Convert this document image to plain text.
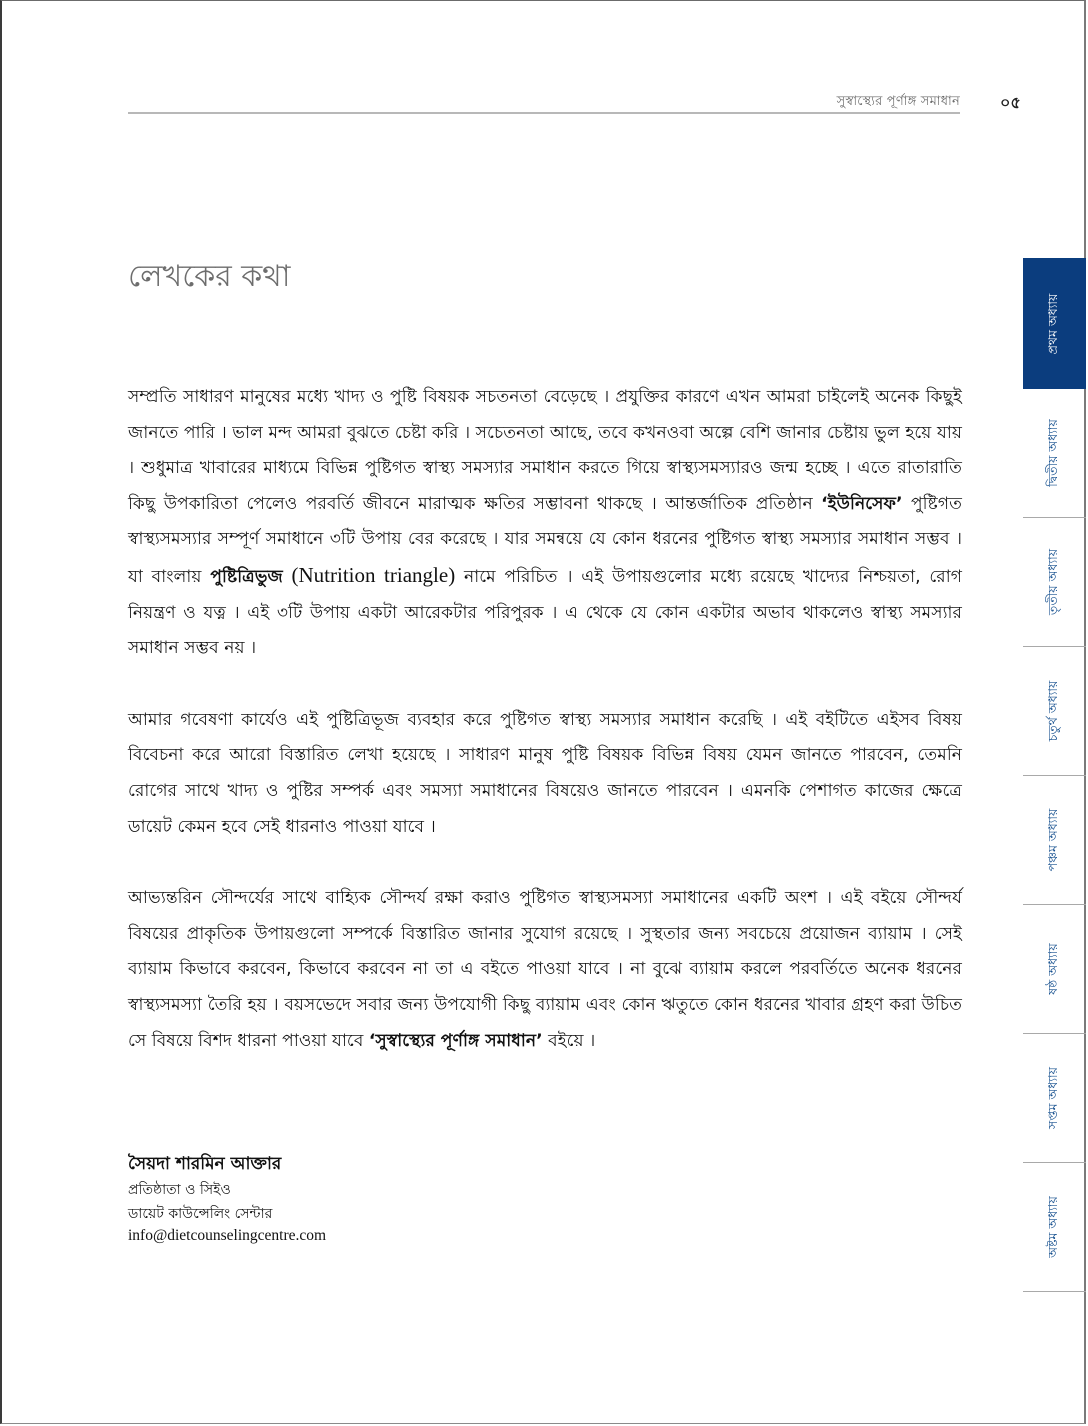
সুস্বাস্থ্যের পূর্ণাঙ্গ সমাধান	০৫
লেখকের কথা

সম্প্রতি সাধারণ মানুষের মধ্যে খাদ্য ও পুষ্টি বিষয়ক সচতনতা বেড়েছে । প্রযুক্তির কারণে এখন আমরা চাইলেই অনেক কিছুই জানতে পারি । ভাল মন্দ আমরা বুঝতে চেষ্টা করি । সচেতনতা আছে, তবে কখনওবা অল্পে বেশি জানার চেষ্টায় ভুল হয়ে যায় । শুধুমাত্র খাবারের মাধ্যমে বিভিন্ন পুষ্টিগত স্বাস্থ্য সমস্যার সমাধান করতে গিয়ে স্বাস্থ্যসমস্যারও জন্ম হচ্ছে । এতে রাতারাতি কিছু উপকারিতা পেলেও পরবর্তি জীবনে মারাত্মক ক্ষতির সম্ভাবনা থাকছে । আন্তর্জাতিক প্রতিষ্ঠান ‘ইউনিসেফ’ পুষ্টিগত স্বাস্থ্যসমস্যার সম্পূর্ণ সমাধানে ৩টি উপায় বের করেছে । যার সমন্বয়ে যে কোন ধরনের পুষ্টিগত স্বাস্থ্য সমস্যার সমাধান সম্ভব । যা বাংলায় পুষ্টিত্রিভুজ (Nutrition triangle) নামে পরিচিত । এই উপায়গুলোর মধ্যে রয়েছে খাদ্যের নিশ্চয়তা, রোগ নিয়ন্ত্রণ ও যত্ন । এই ৩টি উপায় একটা আরেকটার পরিপুরক । এ থেকে যে কোন একটার অভাব থাকলেও স্বাস্থ্য সমস্যার সমাধান সম্ভব নয় ।

আমার গবেষণা কার্যেও এই পুষ্টিত্রিভূজ ব্যবহার করে পুষ্টিগত স্বাস্থ্য সমস্যার সমাধান করেছি । এই বইটিতে এইসব বিষয় বিবেচনা করে আরো বিস্তারিত লেখা হয়েছে । সাধারণ মানুষ পুষ্টি বিষয়ক বিভিন্ন বিষয় যেমন জানতে পারবেন, তেমনি রোগের সাথে খাদ্য ও পুষ্টির সম্পর্ক এবং সমস্যা সমাধানের বিষয়েও জানতে পারবেন । এমনকি পেশাগত কাজের ক্ষেত্রে ডায়েট কেমন হবে সেই ধারনাও পাওয়া যাবে ।

আভ্যন্তরিন সৌন্দর্যের সাথে বাহ্যিক সৌন্দর্য রক্ষা করাও পুষ্টিগত স্বাস্থ্যসমস্যা সমাধানের একটি অংশ । এই বইয়ে সৌন্দর্য বিষয়ের প্রাকৃতিক উপায়গুলো সম্পর্কে বিস্তারিত জানার সুযোগ রয়েছে । সুস্থতার জন্য সবচেয়ে প্রয়োজন ব্যায়াম । সেই ব্যায়াম কিভাবে করবেন, কিভাবে করবেন না তা এ বইতে পাওয়া যাবে । না বুঝে ব্যায়াম করলে পরবর্তিতে অনেক ধরনের স্বাস্থ্যসমস্যা তৈরি হয় । বয়সভেদে সবার জন্য উপযোগী কিছু ব্যায়াম এবং কোন ঋতুতে কোন ধরনের খাবার গ্রহণ করা উচিত সে বিষয়ে বিশদ ধারনা পাওয়া যাবে ‘সুস্বাস্থ্যের পূর্ণাঙ্গ সমাধান’ বইয়ে ।

সৈয়দা শারমিন আক্তার
প্রতিষ্ঠাতা ও সিইও
ডায়েট কাউন্সেলিং সেন্টার
info@dietcounselingcentre.com
প্রথম অধ্যায়
দ্বিতীয় অধ্যায়
তৃতীয় অধ্যায়
চতুর্থ অধ্যায়
পঞ্চম অধ্যায়
ষষ্ঠ অধ্যায়
সপ্তম অধ্যায়
অষ্টম অধ্যায়
